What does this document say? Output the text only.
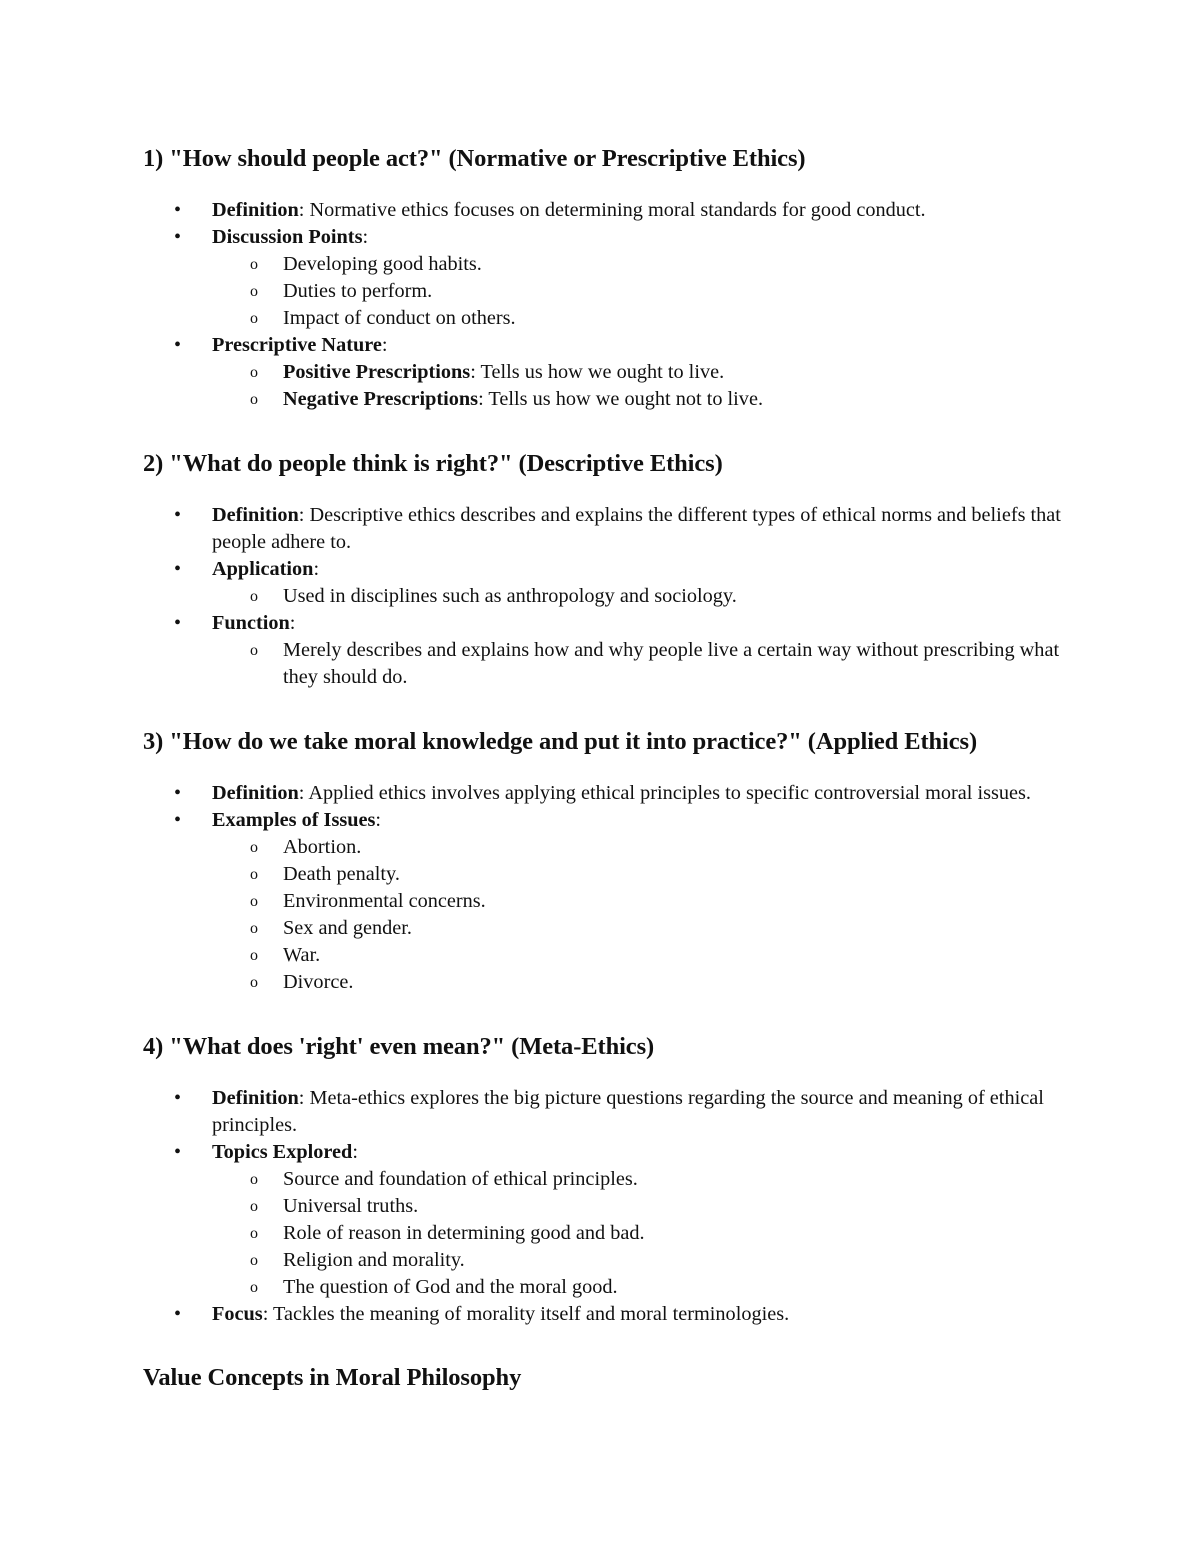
1) "How should people act?" (Normative or Prescriptive Ethics)
• Definition: Normative ethics focuses on determining moral standards for good conduct.
• Discussion Points:
o Developing good habits.
o Duties to perform.
o Impact of conduct on others.
• Prescriptive Nature:
o Positive Prescriptions: Tells us how we ought to live.
o Negative Prescriptions: Tells us how we ought not to live.
2) "What do people think is right?" (Descriptive Ethics)
• Definition: Descriptive ethics describes and explains the different types of ethical norms and beliefs that people adhere to.
• Application:
o Used in disciplines such as anthropology and sociology.
• Function:
o Merely describes and explains how and why people live a certain way without prescribing what they should do.
3) "How do we take moral knowledge and put it into practice?" (Applied Ethics)
• Definition: Applied ethics involves applying ethical principles to specific controversial moral issues.
• Examples of Issues:
o Abortion.
o Death penalty.
o Environmental concerns.
o Sex and gender.
o War.
o Divorce.
4) "What does 'right' even mean?" (Meta-Ethics)
• Definition: Meta-ethics explores the big picture questions regarding the source and meaning of ethical principles.
• Topics Explored:
o Source and foundation of ethical principles.
o Universal truths.
o Role of reason in determining good and bad.
o Religion and morality.
o The question of God and the moral good.
• Focus: Tackles the meaning of morality itself and moral terminologies.
Value Concepts in Moral Philosophy
